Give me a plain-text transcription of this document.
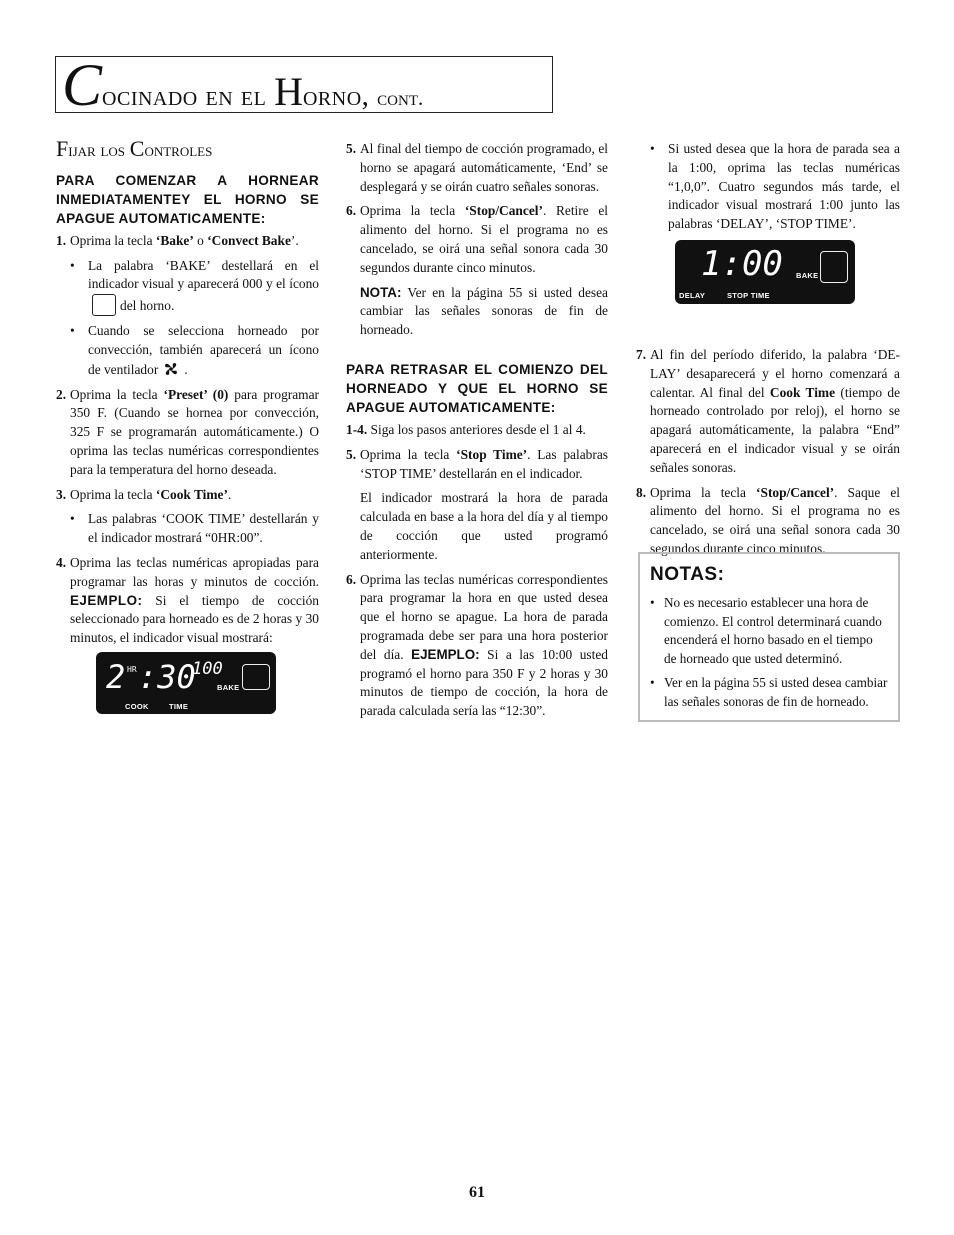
Cocinado en el Horno, cont.
Fijar los Controles

PARA COMENZAR A HORNEAR INMEDIATAMENTEY EL HORNO SE APAGUE AUTOMATICAMENTE:

1. Oprima la tecla ‘Bake’ o ‘Convect Bake’.

• La palabra ‘BAKE’ destellará en el indicador visual y aparecerá 000 y el íconodel horno.

• Cuando se selecciona horneado por convección, también aparecerá un ícono de ventilador .

2. Oprima la tecla ‘Preset’ (0) para programar 350 F. (Cuando se hornea por convección, 325 F se programarán automáticamente.) O oprima las teclas numéricas correspondientes para la temperatura del horno deseada.

3. Oprima la tecla ‘Cook Time’.

• Las palabras ‘COOK TIME’ destellarán y el indicador mostrará “0HR:00”.

4. Oprima las teclas numéricas apropiadas para programar las horas y minutos de cocción. EJEMPLO: Si el tiempo de cocción seleccionado para horneado es de 2 horas y 30 minutos, el indicador visual mostrará:

2 HR :30
100
BAKE
COOK	TIME

5. Al final del tiempo de cocción programado, el horno se apagará automáticamente, ‘End’ se desplegará y se oirán cuatro señales sonoras.

6. Oprima la tecla ‘Stop/Cancel’. Retire el alimento del horno. Si el programa no es cancelado, se oirá una señal sonora cada 30 segundos durante cinco minutos.

NOTA: Ver en la página 55 si usted desea cambiar las señales sonoras de fin de horneado.

PARA RETRASAR EL COMIENZO DEL HORNEADO Y QUE EL HORNO SE APAGUE AUTOMATICAMENTE:

1-4. Siga los pasos anteriores desde el 1 al 4.

5. Oprima la tecla ‘Stop Time’. Las palabras ‘STOP TIME’ destellarán en el indicador.

El indicador mostrará la hora de parada calculada en base a la hora del día y al tiempo de cocción que usted programó anteriormente.

6. Oprima las teclas numéricas correspondientes para programar la hora en que usted desea que el horno se apague. La hora de parada programada debe ser para una hora posterior del día. EJEMPLO: Si a las 10:00 usted programó el horno para 350 F y 2 horas y 30 minutos de tiempo de cocción, la hora de parada calculada sería las “12:30”.

• Si usted desea que la hora de parada sea a la 1:00, oprima las teclas numéricas “1,0,0”. Cuatro segundos más tarde, el indicador visual mostrará 1:00 junto las palabras ‘DELAY’, ‘STOP TIME’.

7. Al fin del período diferido, la palabra ‘DE-LAY’ desaparecerá y el horno comenzará a calentar. Al final del Cook Time (tiempo de horneado controlado por reloj), el horno se apagará automáticamente, la palabra “End” aparecerá en el indicador visual y se oirán señales sonoras.

8. Oprima la tecla ‘Stop/Cancel’. Saque el alimento del horno. Si el programa no es cancelado, se oirá una señal sonora cada 30 segundos durante cinco minutos.

1:00 BAKE
DELAY	STOP TIME
NOTAS:

• No es necesario establecer una hora de comienzo. El control determinará cuando encenderá el horno basado en el tiempo de horneado que usted determinó.

• Ver en la página 55 si usted desea cambiar las señales sonoras de fin de horneado.

61
